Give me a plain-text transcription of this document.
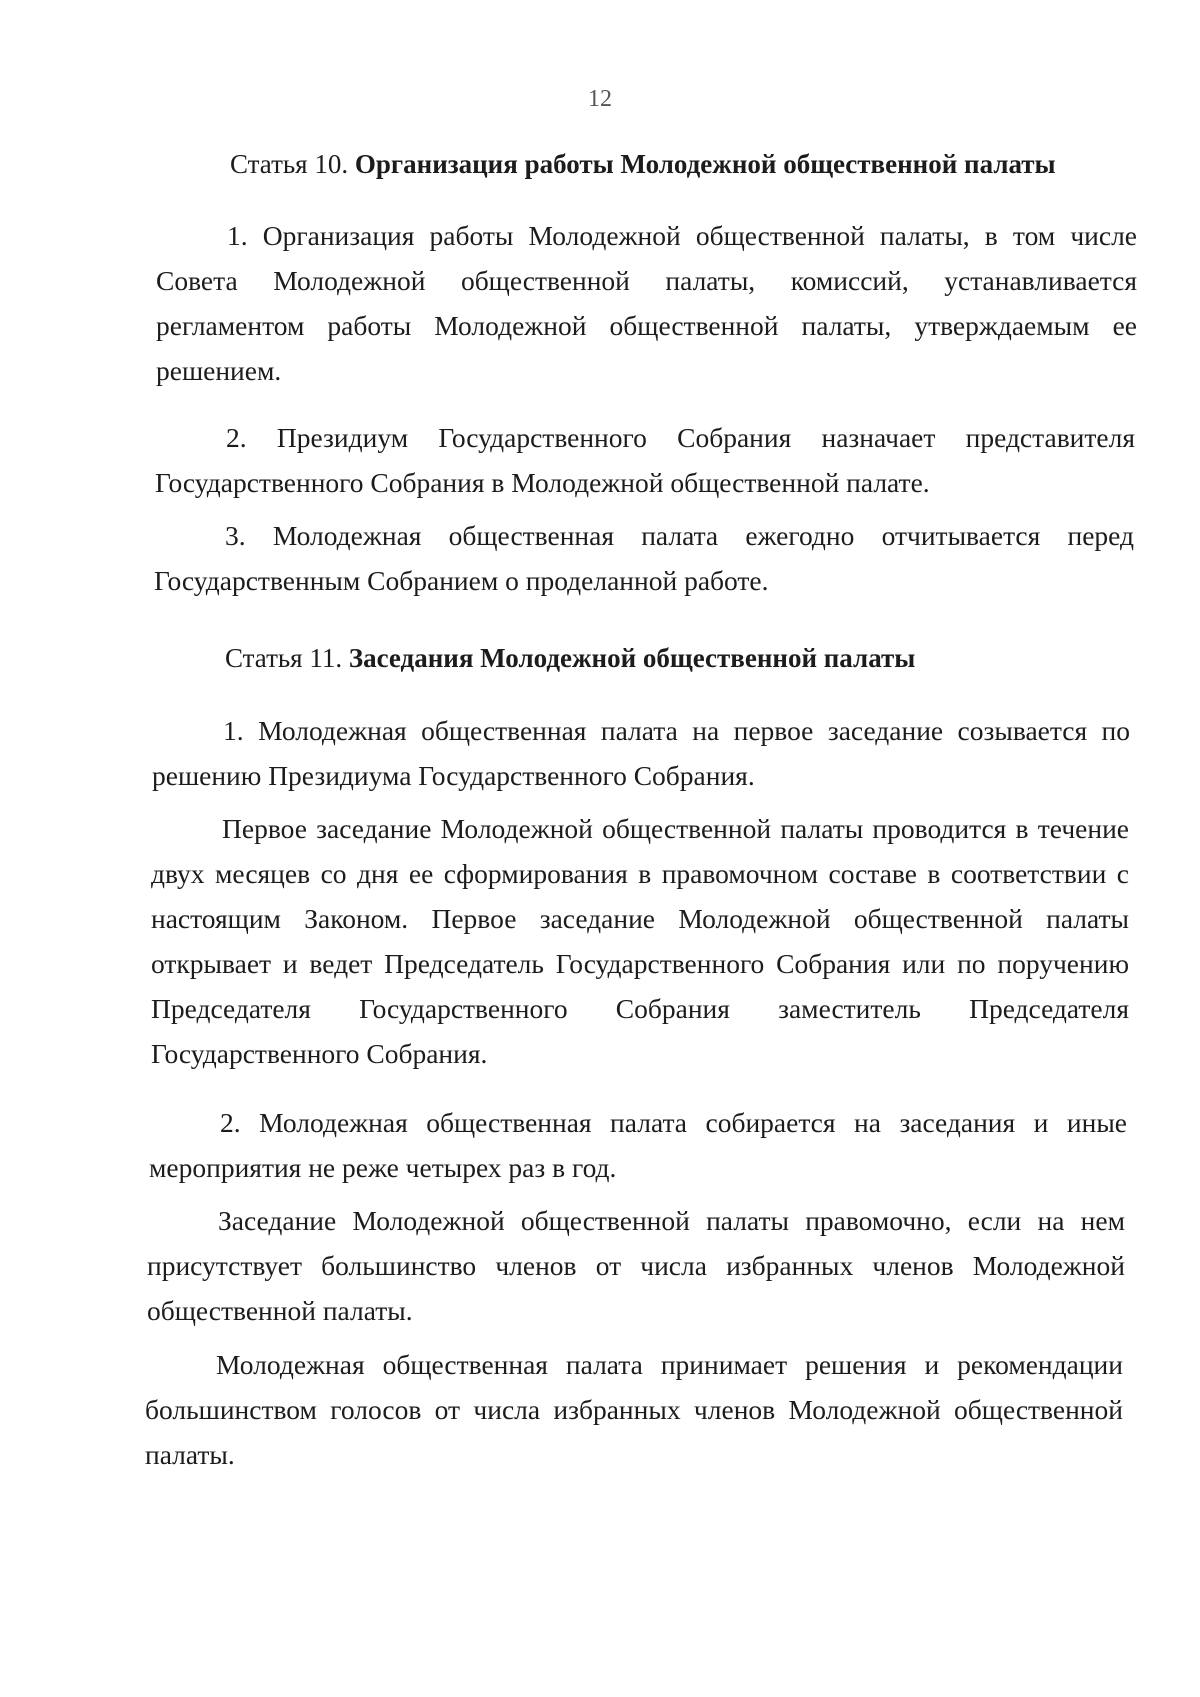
12
Статья 10. Организация работы Молодежной общественной палаты

1. Организация работы Молодежной общественной палаты, в том числе Совета Молодежной общественной палаты, комиссий, устанавливается регламентом работы Молодежной общественной палаты, утверждаемым ее решением.

2. Президиум Государственного Собрания назначает представителя Государственного Собрания в Молодежной общественной палате.

3. Молодежная общественная палата ежегодно отчитывается перед Государственным Собранием о проделанной работе.

Статья 11. Заседания Молодежной общественной палаты

1. Молодежная общественная палата на первое заседание созывается по решению Президиума Государственного Собрания.

Первое заседание Молодежной общественной палаты проводится в течение двух месяцев со дня ее сформирования в правомочном составе в соответствии с настоящим Законом. Первое заседание Молодежной общественной палаты открывает и ведет Председатель Государственного Собрания или по поручению Председателя Государственного Собрания заместитель Председателя Государственного Собрания.

2. Молодежная общественная палата собирается на заседания и иные мероприятия не реже четырех раз в год.

Заседание Молодежной общественной палаты правомочно, если на нем присутствует большинство членов от числа избранных членов Молодежной общественной палаты.

Молодежная общественная палата принимает решения и рекомендации большинством голосов от числа избранных членов Молодежной общественной палаты.
